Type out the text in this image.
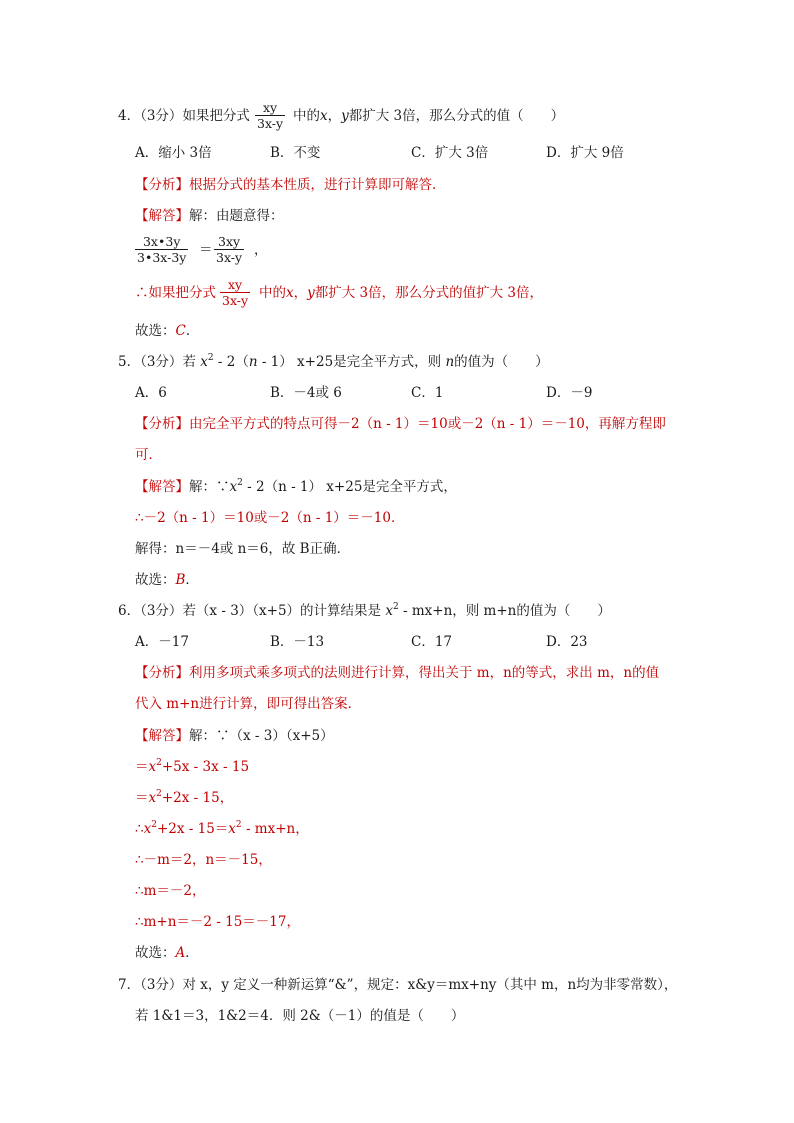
4．（3分）如果把分式 $\frac{xy}{3x-y}$ 中的x，y都扩大 3倍，那么分式的值（　　）
A．缩小 3倍	B．不变	C．扩大 3倍	D．扩大 9倍
【分析】根据分式的基本性质，进行计算即可解答．
【解答】解：由题意得：
$\frac{3x•3y}{3•3x-3y} = \frac{3xy}{3x-y}$ ，
∴如果把分式 $\frac{xy}{3x-y}$ 中的x，y都扩大 3倍，那么分式的值扩大 3倍，
故选：C．
5．（3分）若 $x^2 - 2(n - 1)$ x+25是完全平方式，则 n的值为（　　）
A．6	B．－4或 6	C．1	D．－9
【分析】由完全平方式的特点可得－2（n - 1）＝10或－2（n - 1）＝－10，再解方程即
可．
【解答】解：$\because x^2 - 2(n - 1)$ x+25是完全平方式，
∴－2（n - 1）＝10或－2（n - 1）＝－10．
解得：n＝－4或 n＝6，故 B正确．
故选：B．
6．（3分）若（x - 3）（x+5）的计算结果是 $x^2 - mx+n$，则 m+n的值为（　　）
A．－17	B．－13	C．17	D．23
【分析】利用多项式乘多项式的法则进行计算，得出关于 m，n的等式，求出 m，n的值
代入 m+n进行计算，即可得出答案．
【解答】解：∵（x - 3）（x+5）
$=x^2+5x - 3x - 15$
$=x^2+2x - 15$，
$\therefore x^2+2x - 15=x^2 - mx+n$，
∴－m＝2，n＝－15，
∴m＝－2，
∴m+n＝－2 - 15＝－17，
故选：A．
7．（3分）对 x，y 定义一种新运算“&”，规定：x&y＝mx+ny（其中 m，n均为非零常数），
若 1&1＝3，1&2＝4．则 2&（－1）的值是（　　）
